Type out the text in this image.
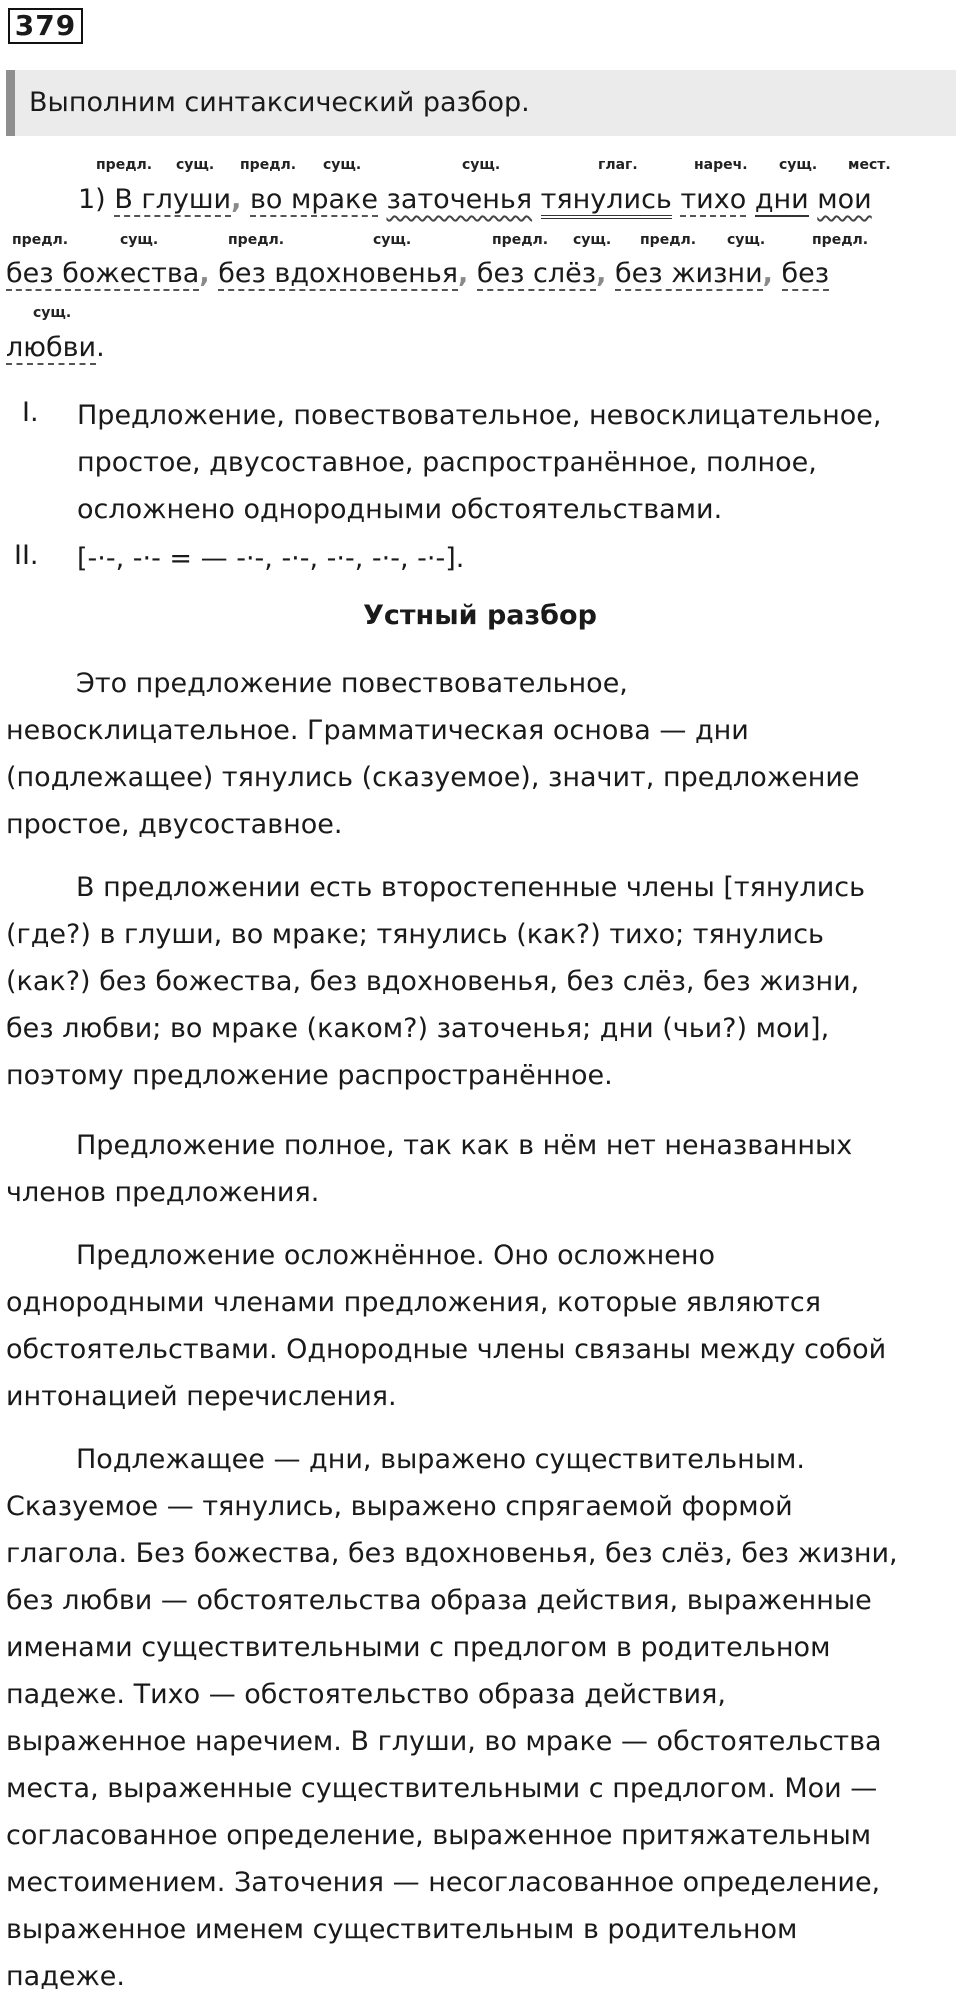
379
Выполним синтаксический разбор.
предл. сущ. предл. сущ.	сущ.	глаг.	нареч. сущ. мест.
1) В глуши, во мраке заточенья тянулись тихо дни мои
предл.	сущ.	предл.	сущ.	предл. сущ. предл. сущ.	предл.
без божества, без вдохновенья, без слёз, без жизни, без
сущ.
любви.
I. Предложение, повествовательное, невосклицательное, простое, двусоставное, распространённое, полное, осложнено однородными обстоятельствами.
II. [-·-, -·- = — -·-, -·-, -·-, -·-, -·-].
Устный разбор

Это предложение повествовательное, невосклицательное. Грамматическая основа — дни (подлежащее) тянулись (сказуемое), значит, предложение простое, двусоставное.

В предложении есть второстепенные члены [тянулись (где?) в глуши, во мраке; тянулись (как?) тихо; тянулись (как?) без божества, без вдохновенья, без слёз, без жизни, без любви; во мраке (каком?) заточенья; дни (чьи?) мои], поэтому предложение распространённое.

Предложение полное, так как в нём нет неназванных членов предложения.

Предложение осложнённое. Оно осложнено однородными членами предложения, которые являются обстоятельствами. Однородные члены связаны между собой интонацией перечисления.

Подлежащее — дни, выражено существительным. Сказуемое — тянулись, выражено спрягаемой формой глагола. Без божества, без вдохновенья, без слёз, без жизни, без любви — обстоятельства образа действия, выраженные именами существительными с предлогом в родительном падеже. Тихо — обстоятельство образа действия, выраженное наречием. В глуши, во мраке — обстоятельства места, выраженные существительными с предлогом. Мои — согласованное определение, выраженное притяжательным местоимением. Заточения — несогласованное определение, выраженное именем существительным в родительном падеже.
